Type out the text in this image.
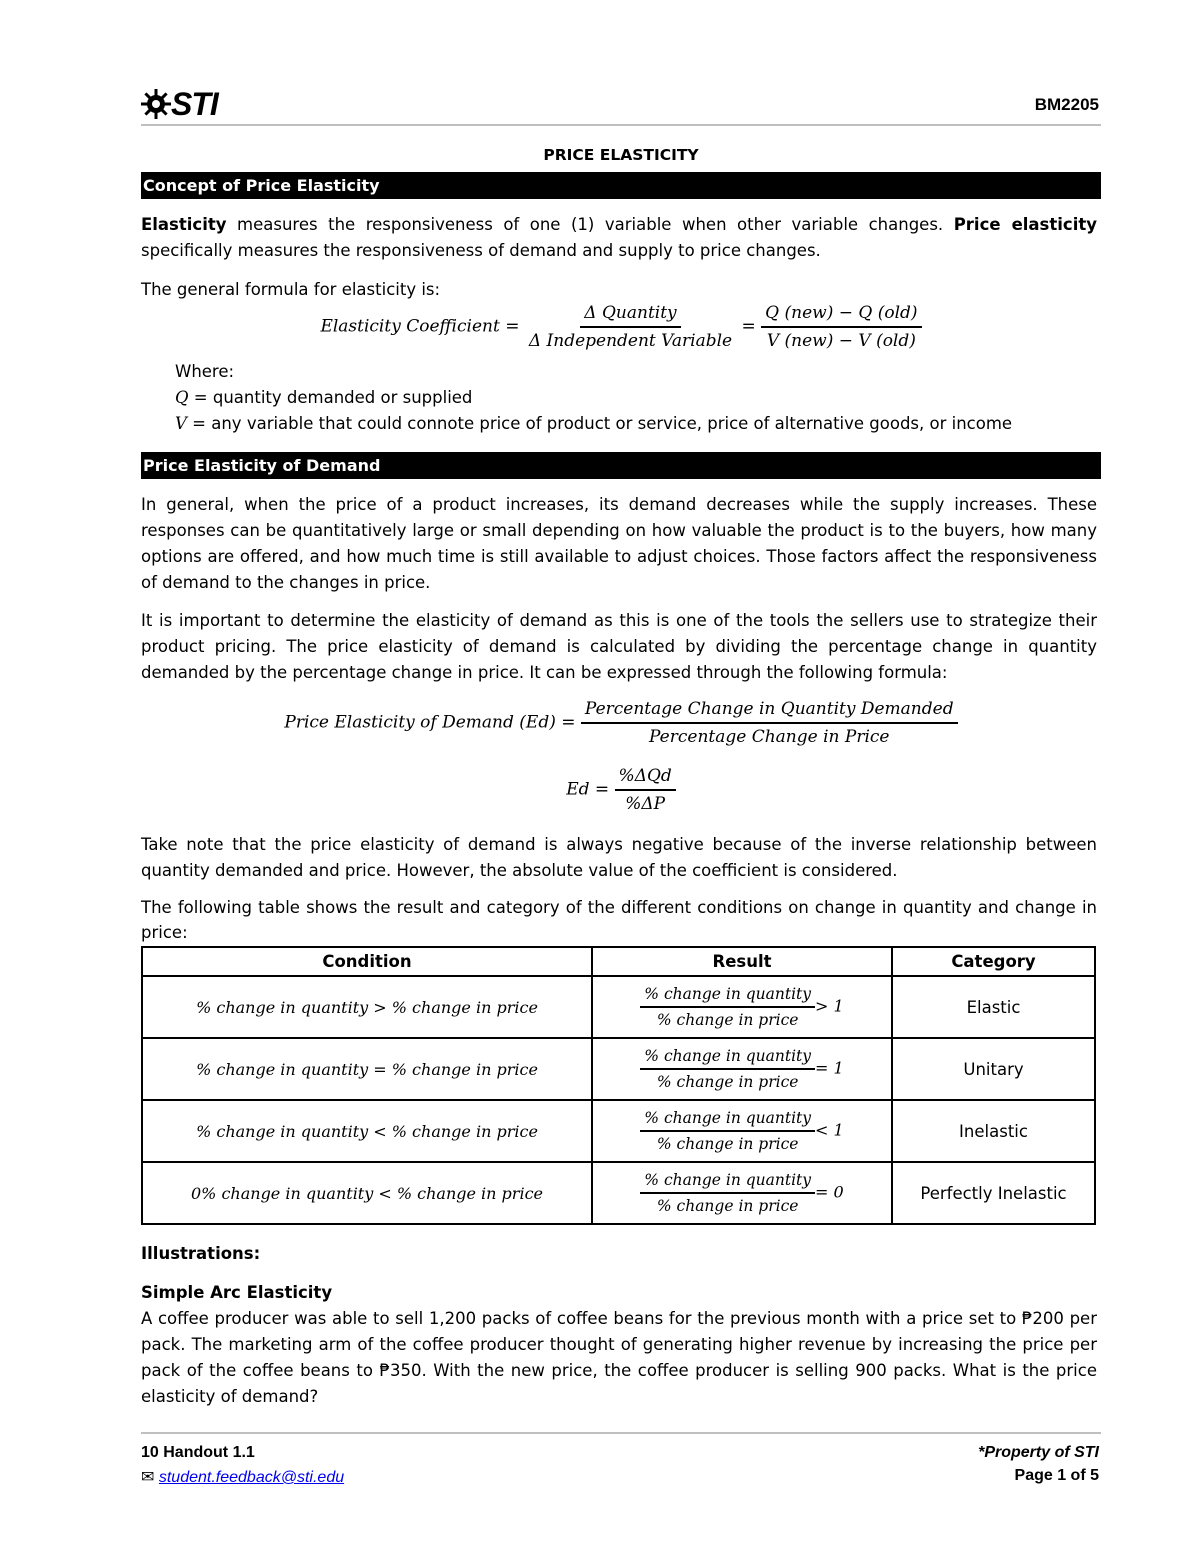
STI	BM2205
PRICE ELASTICITY
Concept of Price Elasticity
Elasticity measures the responsiveness of one (1) variable when other variable changes. Price elasticity specifically measures the responsiveness of demand and supply to price changes.
The general formula for elasticity is:
Elasticity Coefficient = $\frac{\text{Δ Quantity}}{\text{Δ Independent Variable}} = \frac{\text{Q (new) − Q (old)}}{\text{V (new) − V (old)}}$
Where:
Q = quantity demanded or supplied
V = any variable that could connote price of product or service, price of alternative goods, or income
Price Elasticity of Demand
In general, when the price of a product increases, its demand decreases while the supply increases. These responses can be quantitatively large or small depending on how valuable the product is to the buyers, how many options are offered, and how much time is still available to adjust choices. Those factors affect the responsiveness of demand to the changes in price.
It is important to determine the elasticity of demand as this is one of the tools the sellers use to strategize their product pricing. The price elasticity of demand is calculated by dividing the percentage change in quantity demanded by the percentage change in price. It can be expressed through the following formula:
Price Elasticity of Demand $(Ed) = \frac{\text{Percentage Change in Quantity Demanded}}{\text{Percentage Change in Price}}$
$Ed = \frac{\text{\%ΔQd}}{\%\Delta P}$
Take note that the price elasticity of demand is always negative because of the inverse relationship between quantity demanded and price. However, the absolute value of the coefficient is considered.
The following table shows the result and category of the different conditions on change in quantity and change in price:
Condition	Result	Category
% change in quantity > % change in price	$\frac{\text{\% change in quantity}}{\text{\% change in price}} > 1$	Elastic
% change in quantity = % change in price	$\frac{\text{\% change in quantity}}{\text{\% change in price}} = 1$	Unitary
% change in quantity < % change in price	$\frac{\text{\% change in quantity}}{\text{\% change in price}} < 1$	Inelastic
0% change in quantity < % change in price	$\frac{\text{\% change in quantity}}{\text{\% change in price}} = 0$	Perfectly Inelastic
Illustrations:
Simple Arc Elasticity
A coffee producer was able to sell 1,200 packs of coffee beans for the previous month with a price set to ₱200 per pack. The marketing arm of the coffee producer thought of generating higher revenue by increasing the price per pack of the coffee beans to ₱350. With the new price, the coffee producer is selling 900 packs. What is the price elasticity of demand?
10 Handout 1.1
✉ student.feedback@sti.edu
*Property of STI
Page 1 of 5
